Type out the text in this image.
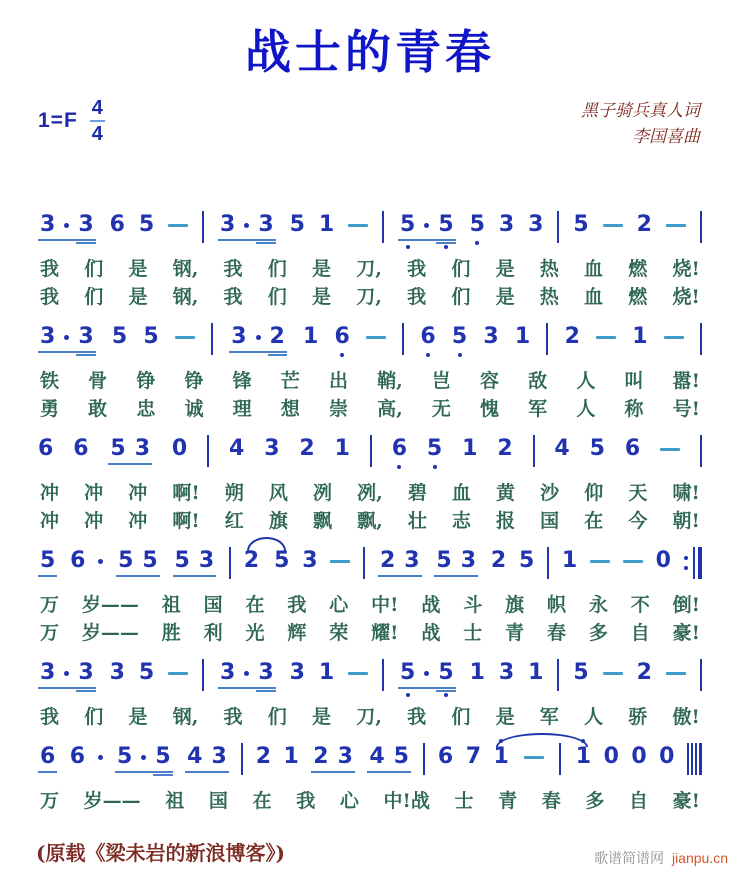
战士的青春
$1=F \frac{4}{4}$	黑子骑兵真人词
李国喜曲
3 3 6 5	3 3 5 1	5 5 5 3 3 5 2
我 们 是 钢, 我 们 是 刀, 我 们 是 热 血 燃 烧!
我 们 是 钢, 我 们 是 刀, 我 们 是 热 血 燃 烧!
3 3 5 5	3 2 1 6	6 5 3 1 2 1
铁 骨 铮 铮 锋 芒 出 鞘, 岂 容 敌 人 叫 嚣!
勇 敢 忠 诚 理 想 崇 高, 无 愧 军 人 称 号!
6 6 5 3 0 4 3 2 1 6 5 1 2 4 5 6
冲 冲 冲 啊! 朔 风 冽 冽, 碧 血 黄 沙 仰 天 啸!
冲 冲 冲 啊! 红 旗 飘 飘, 壮 志 报 国 在 今 朝!
5 6 5 5 5 3 2 5 3	2 3 5 3 2 5 1	0
万 岁—— 祖 国 在 我 心 中! 战 斗 旗 帜 永 不 倒!
万 岁—— 胜 利 光 辉 荣 耀! 战 士 青 春 多 自 豪!
3 3 3 5	3 3 3 1	5 5 1 3 1 5 2
我 们 是 钢, 我 们 是 刀, 我 们 是 军 人 骄 傲!
6 6 5 5 4 3 2 1 2 3 4 5 6 7 1	1 0 0 0
万 岁—— 祖 国 在 我 心 中!战 士 青 春 多 自 豪!
(原载《梁未岩的新浪博客》)	歌谱简谱网 jianpu.cn
